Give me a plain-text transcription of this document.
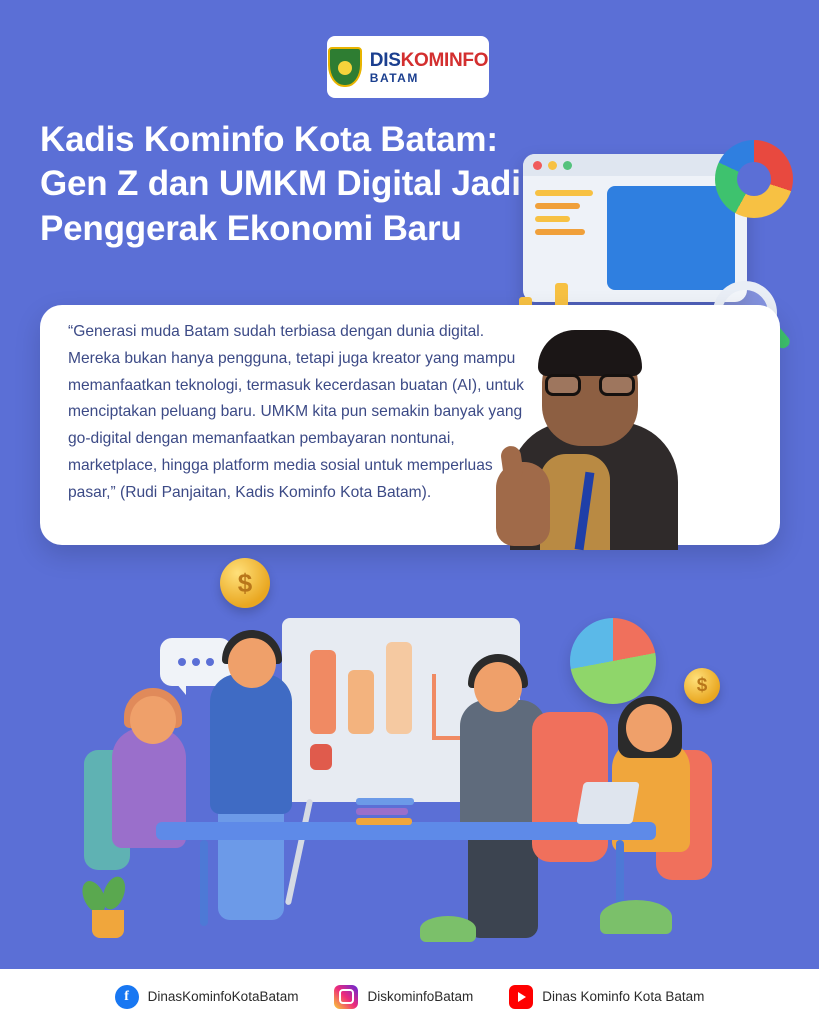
DISKOMINFO
BATAM
Kadis Kominfo Kota Batam: Gen Z dan UMKM Digital Jadi Penggerak Ekonomi Baru

“Generasi muda Batam sudah terbiasa dengan dunia digital. Mereka bukan hanya pengguna, tetapi juga kreator yang mampu memanfaatkan teknologi, termasuk kecerdasan buatan (AI), untuk menciptakan peluang baru. UMKM kita pun semakin banyak yang go-digital dengan memanfaatkan pembayaran nontunai, marketplace, hingga platform media sosial untuk memperluas pasar,” (Rudi Panjaitan, Kadis Kominfo Kota Batam).

$
$
f	DinasKominfoKotaBatam	DiskominfoBatam	Dinas Kominfo Kota Batam
